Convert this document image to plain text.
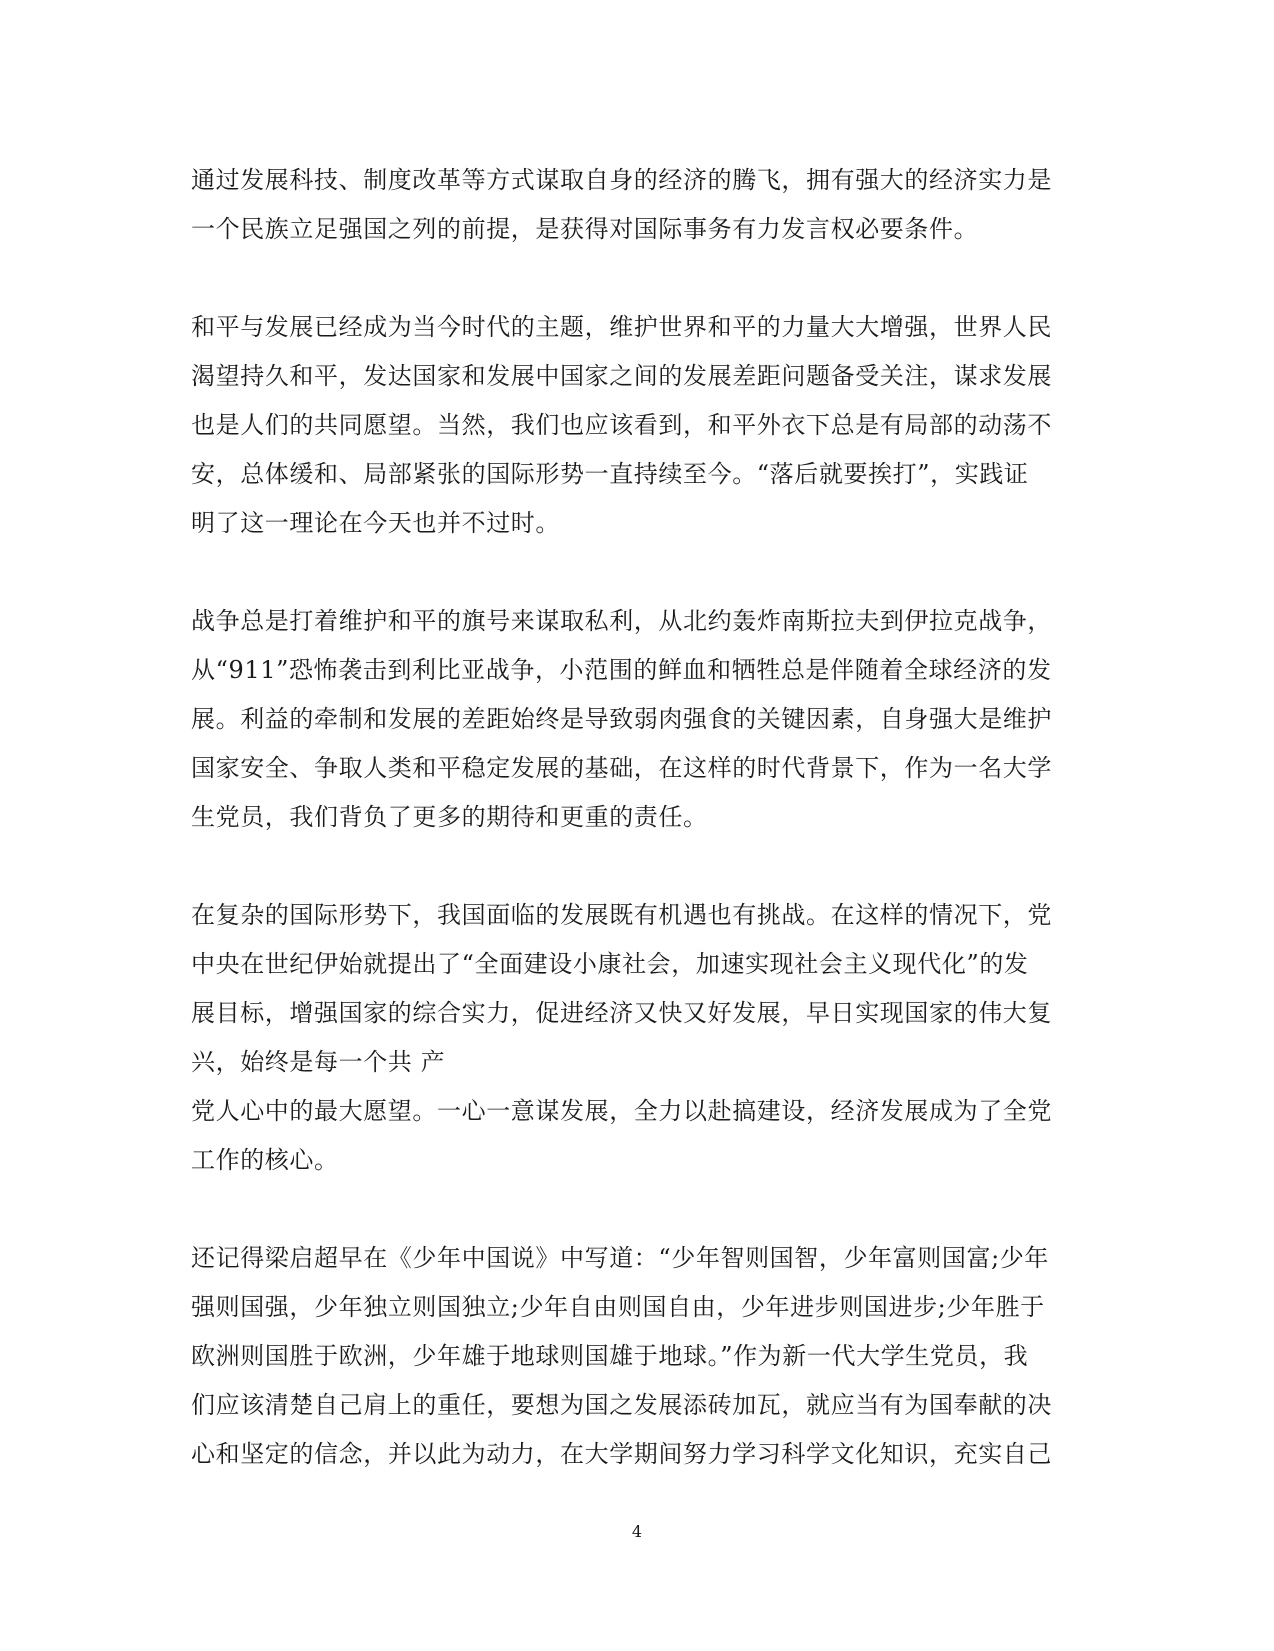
通过发展科技、制度改革等方式谋取自身的经济的腾飞，拥有强大的经济实力是
一个民族立足强国之列的前提，是获得对国际事务有力发言权必要条件。
和平与发展已经成为当今时代的主题，维护世界和平的力量大大增强，世界人民
渴望持久和平，发达国家和发展中国家之间的发展差距问题备受关注，谋求发展
也是人们的共同愿望。当然，我们也应该看到，和平外衣下总是有局部的动荡不
安，总体缓和、局部紧张的国际形势一直持续至今。“落后就要挨打”，实践证
明了这一理论在今天也并不过时。
战争总是打着维护和平的旗号来谋取私利，从北约轰炸南斯拉夫到伊拉克战争，
从“911”恐怖袭击到利比亚战争，小范围的鲜血和牺牲总是伴随着全球经济的发
展。利益的牵制和发展的差距始终是导致弱肉强食的关键因素，自身强大是维护
国家安全、争取人类和平稳定发展的基础，在这样的时代背景下，作为一名大学
生党员，我们背负了更多的期待和更重的责任。
在复杂的国际形势下，我国面临的发展既有机遇也有挑战。在这样的情况下，党
中央在世纪伊始就提出了“全面建设小康社会，加速实现社会主义现代化”的发
展目标，增强国家的综合实力，促进经济又快又好发展，早日实现国家的伟大复
兴，始终是每一个共 产
党人心中的最大愿望。一心一意谋发展，全力以赴搞建设，经济发展成为了全党
工作的核心。
还记得梁启超早在《少年中国说》中写道：“少年智则国智，少年富则国富;少年
强则国强，少年独立则国独立;少年自由则国自由，少年进步则国进步;少年胜于
欧洲则国胜于欧洲，少年雄于地球则国雄于地球。”作为新一代大学生党员，我
们应该清楚自己肩上的重任，要想为国之发展添砖加瓦，就应当有为国奉献的决
心和坚定的信念，并以此为动力，在大学期间努力学习科学文化知识，充实自己
4
